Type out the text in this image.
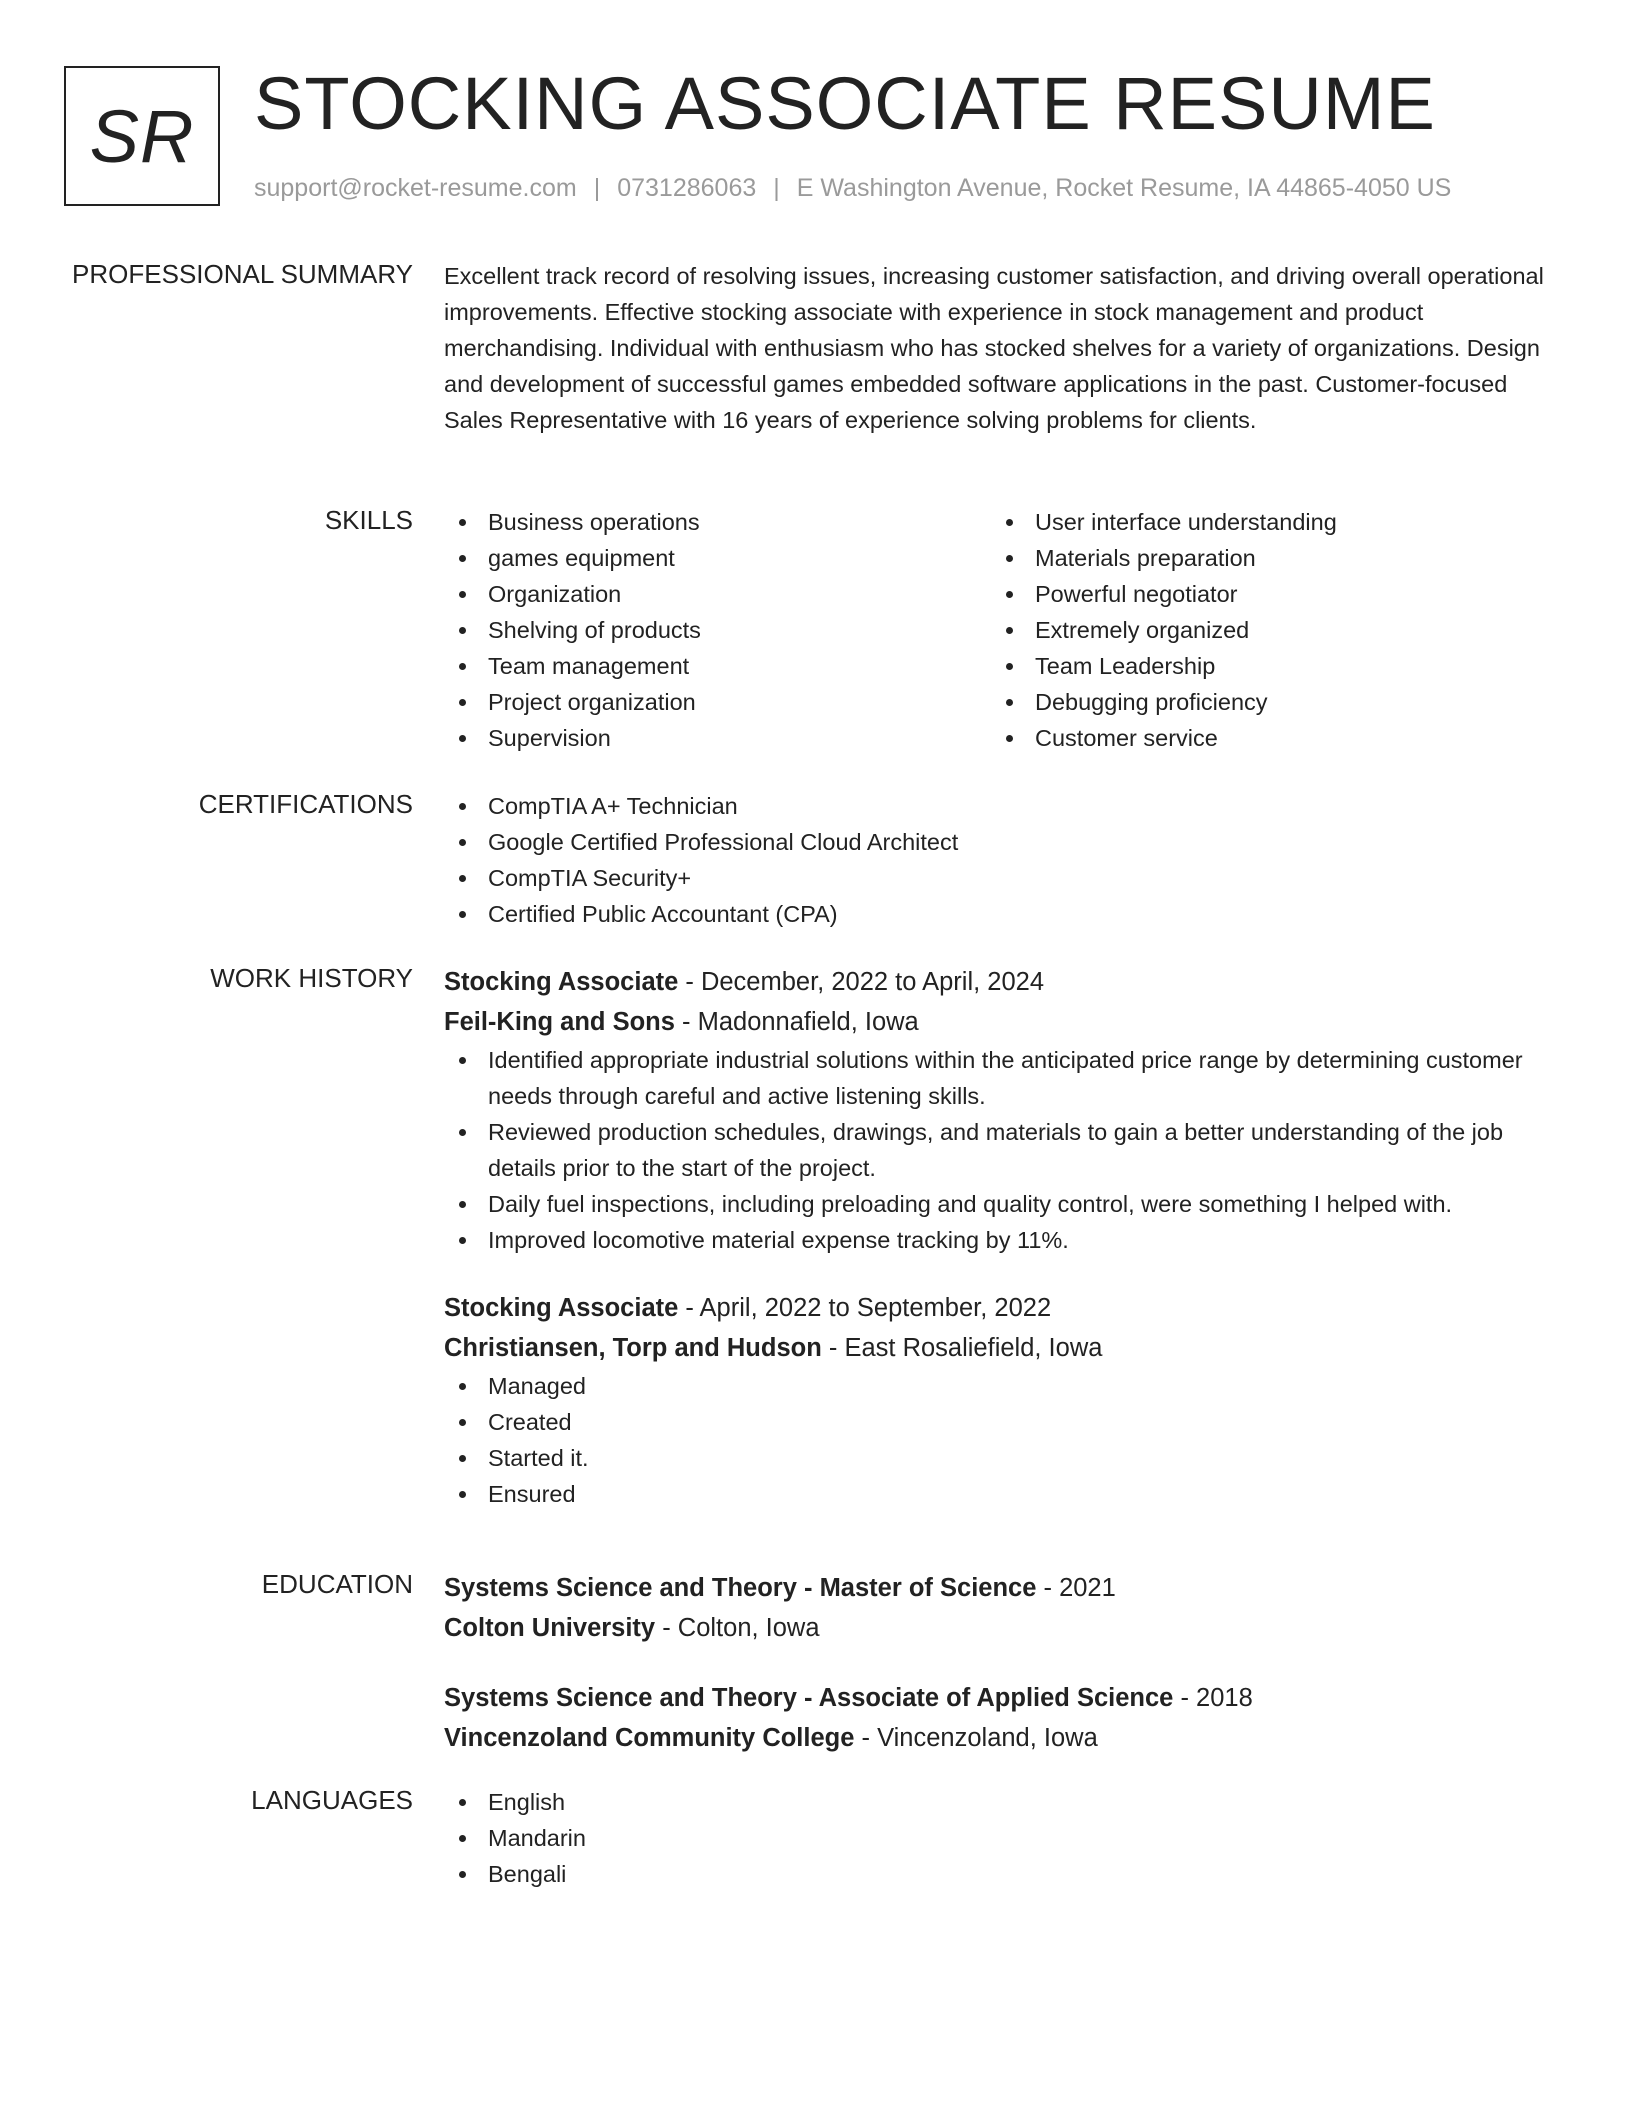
SR STOCKING ASSOCIATE RESUME
support@rocket-resume.com | 0731286063 | E Washington Avenue, Rocket Resume, IA 44865-4050 US
PROFESSIONAL SUMMARY Excellent track record of resolving issues, increasing customer satisfaction, and driving overall operational improvements. Effective stocking associate with experience in stock management and product merchandising. Individual with enthusiasm who has stocked shelves for a variety of organizations. Design and development of successful games embedded software applications in the past. Customer-focused Sales Representative with 16 years of experience solving problems for clients.

SKILLS	Business operations
games equipment
Organization
Shelving of products
Team management
Project organization
Supervision
User interface understanding
Materials preparation
Powerful negotiator
Extremely organized
Team Leadership
Debugging proficiency
Customer service
CERTIFICATIONS	CompTIA A+ Technician
Google Certified Professional Cloud Architect
CompTIA Security+
Certified Public Accountant (CPA)
WORK HISTORY Stocking Associate - December, 2022 to April, 2024
Feil-King and Sons - Madonnafield, Iowa
Identified appropriate industrial solutions within the anticipated price range by determining customer needs through careful and active listening skills.
Reviewed production schedules, drawings, and materials to gain a better understanding of the job details prior to the start of the project.
Daily fuel inspections, including preloading and quality control, were something I helped with.
Improved locomotive material expense tracking by 11%.
Stocking Associate - April, 2022 to September, 2022
Christiansen, Torp and Hudson - East Rosaliefield, Iowa
Managed
Created
Started it.
Ensured
EDUCATION Systems Science and Theory - Master of Science - 2021
Colton University - Colton, Iowa
Systems Science and Theory - Associate of Applied Science - 2018
Vincenzoland Community College - Vincenzoland, Iowa
LANGUAGES	English
Mandarin
Bengali
